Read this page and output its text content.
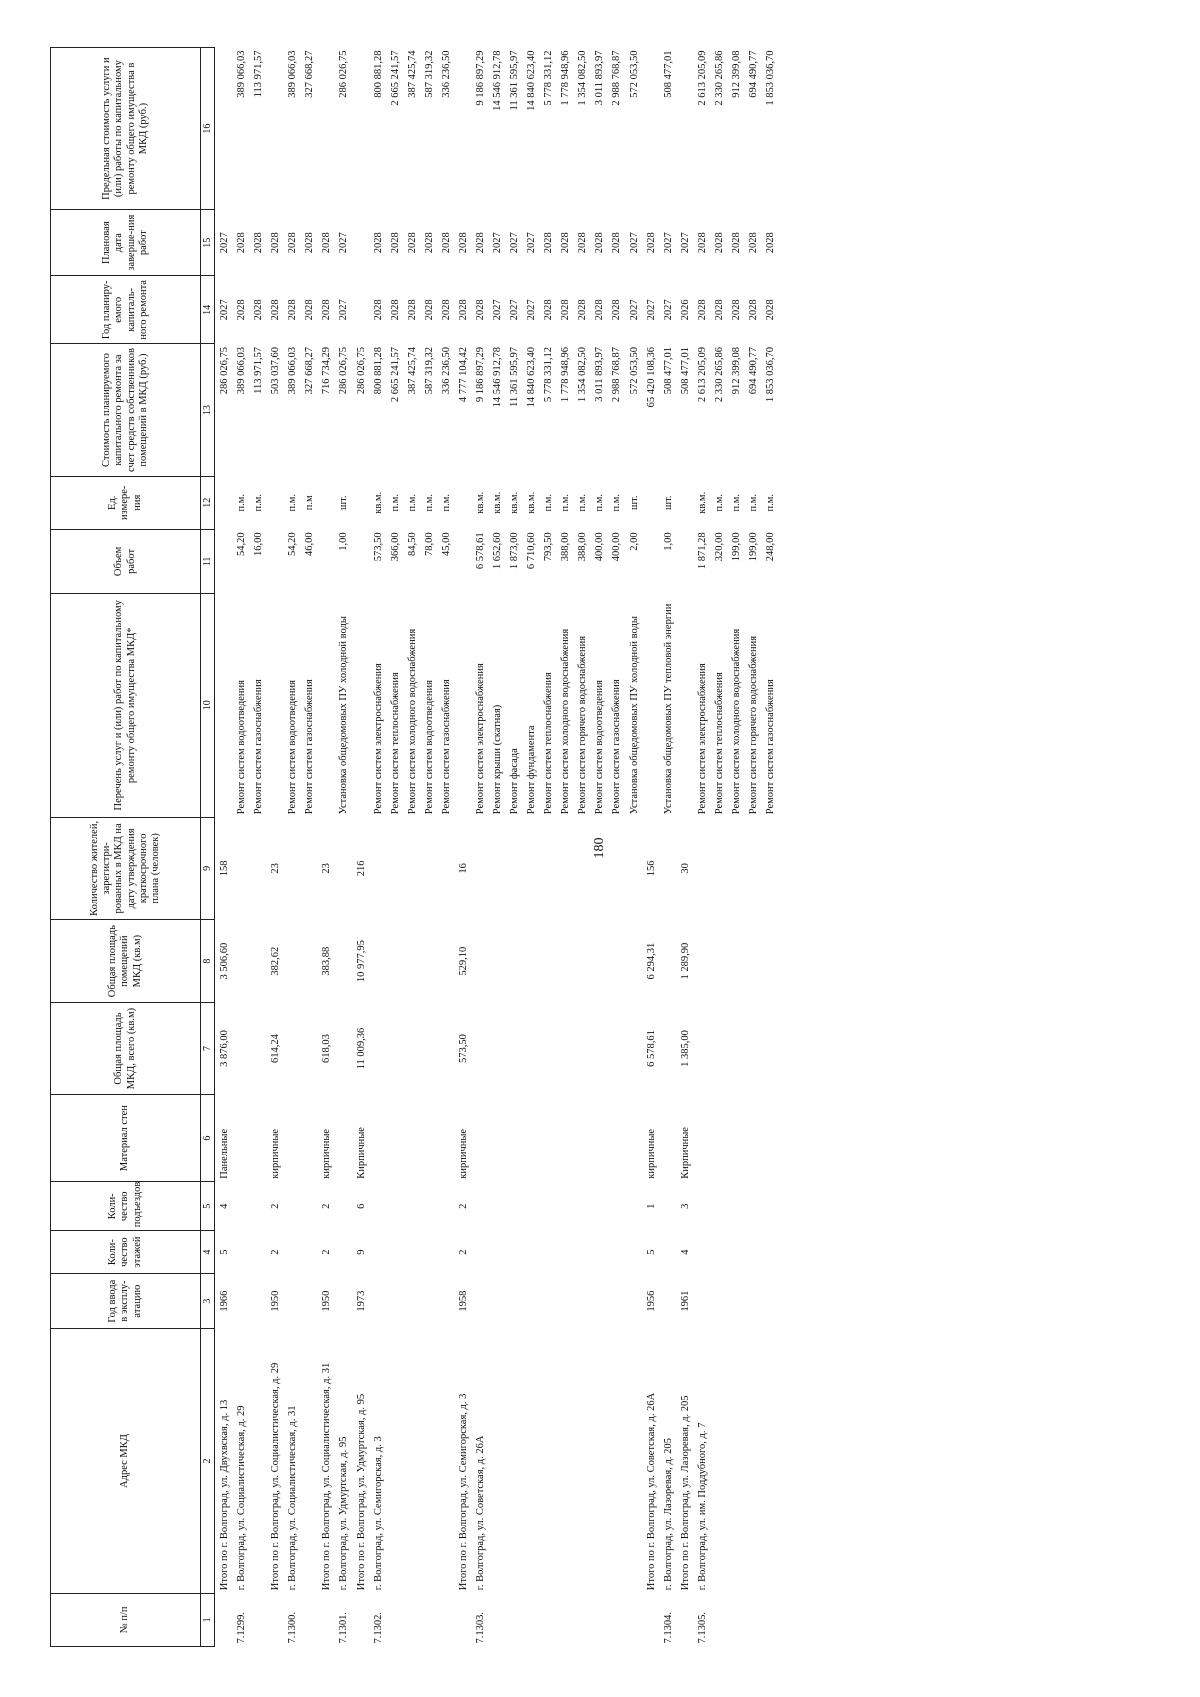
180
№ п/п	Адрес МКД	Год ввода в эксплу-атацию	Коли-чество этажей	Коли-чество подъездов	Материал стен	Общая площадь МКД, всего (кв.м)	Общая площадь помещений МКД (кв.м)	Количество жителей, зарегистри-рованных в МКД на дату утверждения краткосрочного плана (человек)	Перечень услуг и (или) работ по капитальному ремонту общего имущества МКД*	Объем работ	Ед. измере-ния	Стоимость планируемого капитального ремонта за счет средств собственников помещений в МКД (руб.)	Год планиру-емого капиталь-ного ремонта	Плановая дата заверше-ния работ	Предельная стоимость услуги и (или) работы по капитальному ремонту общего имущества в МКД (руб.)
1	2	3	4	5	6	7	8	9	10	11	12	13	14	15	16
	Итого по г. Волгоград, ул. Двухвская, д. 13	1966	5	4	Панельные	3 876,00	3 506,60	158				286 026,75	2027	2027	
7.1299.	г. Волгоград, ул. Социалистическая, д. 29								Ремонт систем водоотведения	54,20	п.м.	389 066,03	2028	2028	389 066,03
									Ремонт систем газоснабжения	16,00	п.м.	113 971,57	2028	2028	113 971,57
	Итого по г. Волгоград, ул. Социалистическая, д. 29	1950	2	2	кирпичные	614,24	382,62	23				503 037,60	2028	2028	
7.1300.	г. Волгоград, ул. Социалистическая, д. 31								Ремонт систем водоотведения	54,20	п.м.	389 066,03	2028	2028	389 066,03
									Ремонт систем газоснабжения	46,00	п.м	327 668,27	2028	2028	327 668,27
	Итого по г. Волгоград, ул. Социалистическая, д. 31	1950	2	2	кирпичные	618,03	383,88	23				716 734,29	2028	2028	
7.1301.	г. Волгоград, ул. Удмуртская, д. 95								Установка общедомовых ПУ холодной воды	1,00	шт.	286 026,75	2027	2027	286 026,75
	Итого по г. Волгоград, ул. Удмуртская, д. 95	1973	9	6	Кирпичные	11 009,36	10 977,95	216				286 026,75			
7.1302.	г. Волгоград, ул. Семигорская, д. 3								Ремонт систем электроснабжения	573,50	кв.м.	800 881,28	2028	2028	800 881,28
									Ремонт систем теплоснабжения	366,00	п.м.	2 665 241,57	2028	2028	2 665 241,57
									Ремонт систем холодного водоснабжения	84,50	п.м.	387 425,74	2028	2028	387 425,74
									Ремонт систем водоотведения	78,00	п.м.	587 319,32	2028	2028	587 319,32
									Ремонт систем газоснабжения	45,00	п.м.	336 236,50	2028	2028	336 236,50
	Итого по г. Волгоград, ул. Семигорская, д. 3	1958	2	2	кирпичные	573,50	529,10	16				4 777 104,42	2028	2028	
7.1303.	г. Волгоград, ул. Советская, д. 26А								Ремонт систем электроснабжения	6 578,61	кв.м.	9 186 897,29	2028	2028	9 186 897,29
									Ремонт крыши (скатная)	1 652,60	кв.м.	14 546 912,78	2027	2027	14 546 912,78
									Ремонт фасада	1 873,00	кв.м.	11 361 595,97	2027	2027	11 361 595,97
									Ремонт фундамента	6 710,60	кв.м.	14 840 623,40	2027	2027	14 840 623,40
									Ремонт систем теплоснабжения	793,50	п.м.	5 778 331,12	2028	2028	5 778 331,12
									Ремонт систем холодного водоснабжения	388,00	п.м.	1 778 948,96	2028	2028	1 778 948,96
									Ремонт систем горячего водоснабжения	388,00	п.м.	1 354 082,50	2028	2028	1 354 082,50
									Ремонт систем водоотведения	400,00	п.м.	3 011 893,97	2028	2028	3 011 893,97
									Ремонт систем газоснабжения	400,00	п.м.	2 988 768,87	2028	2028	2 988 768,87
									Установка общедомовых ПУ холодной воды	2,00	шт.	572 053,50	2027	2027	572 053,50
	Итого по г. Волгоград, ул. Советская, д. 26А	1956	5	1	кирпичные	6 578,61	6 294,31	156				65 420 108,36	2027	2028	
7.1304.	г. Волгоград, ул. Лазоревая, д. 205								Установка общедомовых ПУ тепловой энергии	1,00	шт.	508 477,01	2027	2027	508 477,01
	Итого по г. Волгоград, ул. Лазоревая, д. 205	1961	4	3	Кирпичные	1 385,00	1 289,90	30				508 477,01	2026	2027	
7.1305.	г. Волгоград, ул. им. Поддубного, д. 7								Ремонт систем электроснабжения	1 871,28	кв.м.	2 613 205,09	2028	2028	2 613 205,09
									Ремонт систем теплоснабжения	320,00	п.м.	2 330 265,86	2028	2028	2 330 265,86
									Ремонт систем холодного водоснабжения	199,00	п.м.	912 399,08	2028	2028	912 399,08
									Ремонт систем горячего водоснабжения	199,00	п.м.	694 490,77	2028	2028	694 490,77
									Ремонт систем газоснабжения	248,00	п.м.	1 853 036,70	2028	2028	1 853 036,70
